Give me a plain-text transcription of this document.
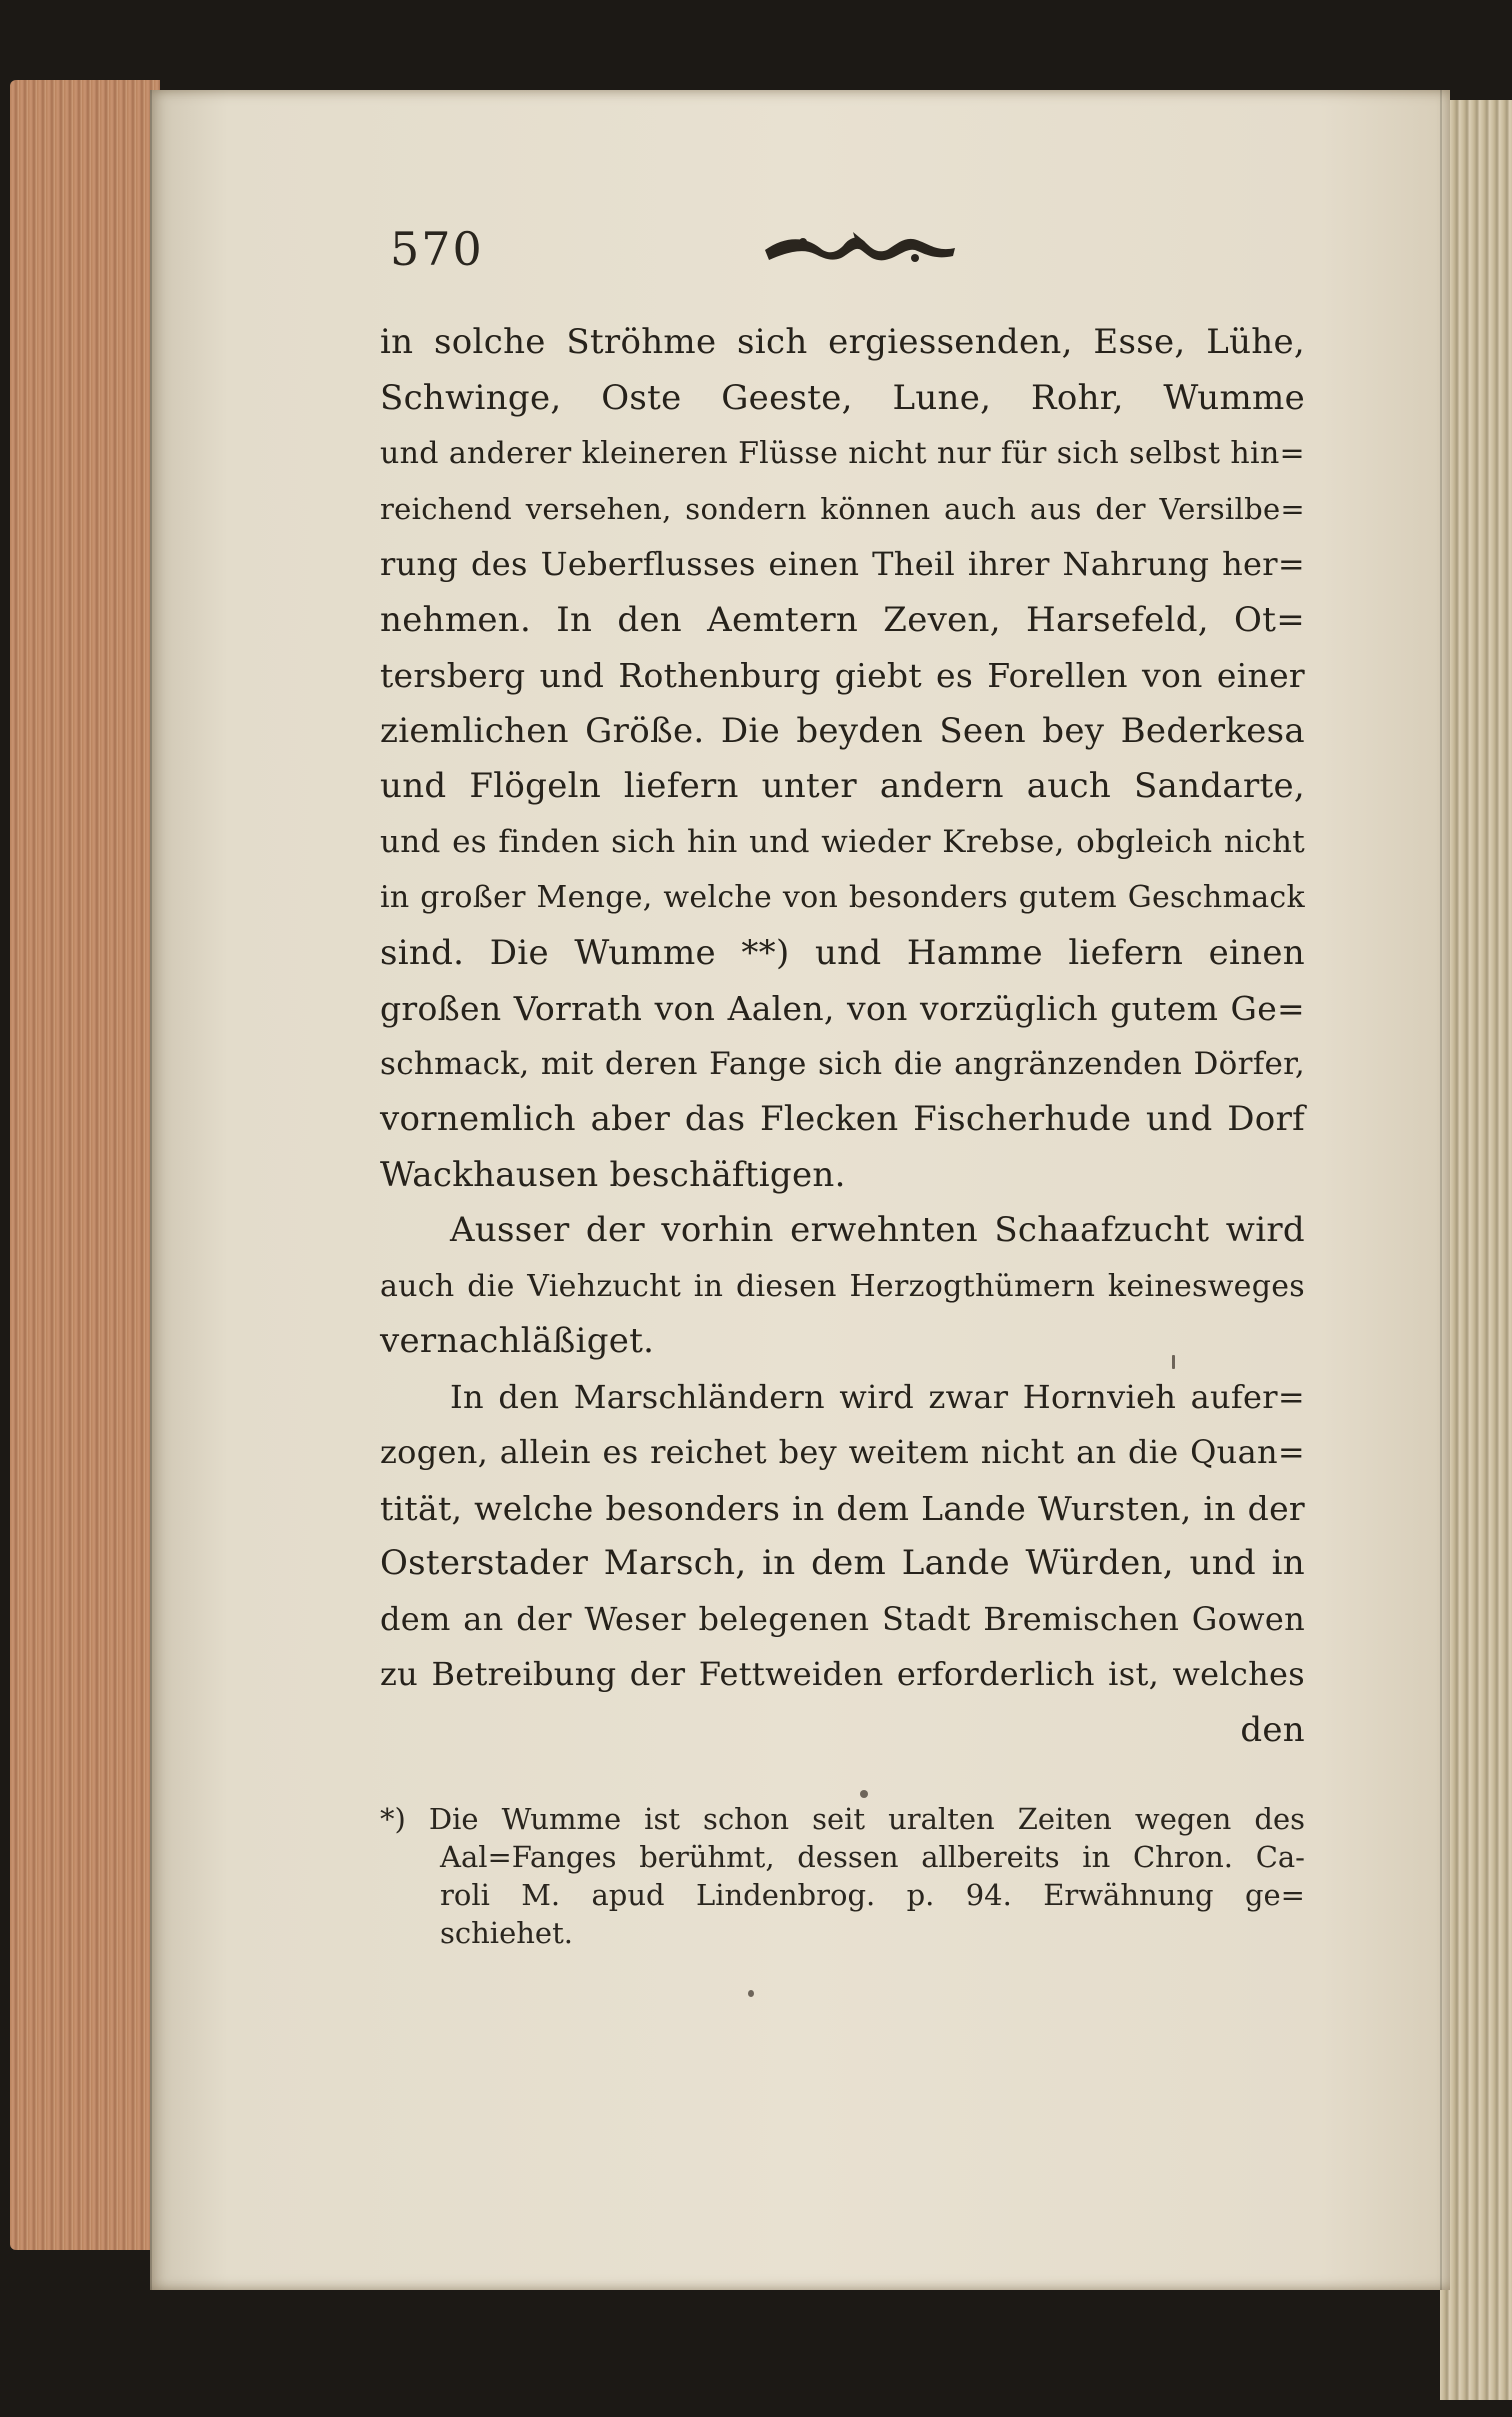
570
in solche Ströhme sich ergiessenden, Esse, Lühe,
Schwinge, Oste Geeste, Lune, Rohr, Wumme
und anderer kleineren Flüsse nicht nur für sich selbst hin=
reichend versehen, sondern können auch aus der Versilbe=
rung des Ueberflusses einen Theil ihrer Nahrung her=
nehmen. In den Aemtern Zeven, Harsefeld, Ot=
tersberg und Rothenburg giebt es Forellen von einer
ziemlichen Größe. Die beyden Seen bey Bederkesa
und Flögeln liefern unter andern auch Sandarte,
und es finden sich hin und wieder Krebse, obgleich nicht
in großer Menge, welche von besonders gutem Geschmack
sind. Die Wumme **) und Hamme liefern einen
großen Vorrath von Aalen, von vorzüglich gutem Ge=
schmack, mit deren Fange sich die angränzenden Dörfer,
vornemlich aber das Flecken Fischerhude und Dorf
Wackhausen beschäftigen.
Ausser der vorhin erwehnten Schaafzucht wird
auch die Viehzucht in diesen Herzogthümern keinesweges
vernachläßiget.
In den Marschländern wird zwar Hornvieh aufer=
zogen, allein es reichet bey weitem nicht an die Quan=
tität, welche besonders in dem Lande Wursten, in der
Osterstader Marsch, in dem Lande Würden, und in
dem an der Weser belegenen Stadt Bremischen Gowen
zu Betreibung der Fettweiden erforderlich ist, welches
den
*) Die Wumme ist schon seit uralten Zeiten wegen des
Aal=Fanges berühmt, dessen allbereits in Chron. Ca-
roli M. apud Lindenbrog. p. 94. Erwähnung ge=
schiehet.
